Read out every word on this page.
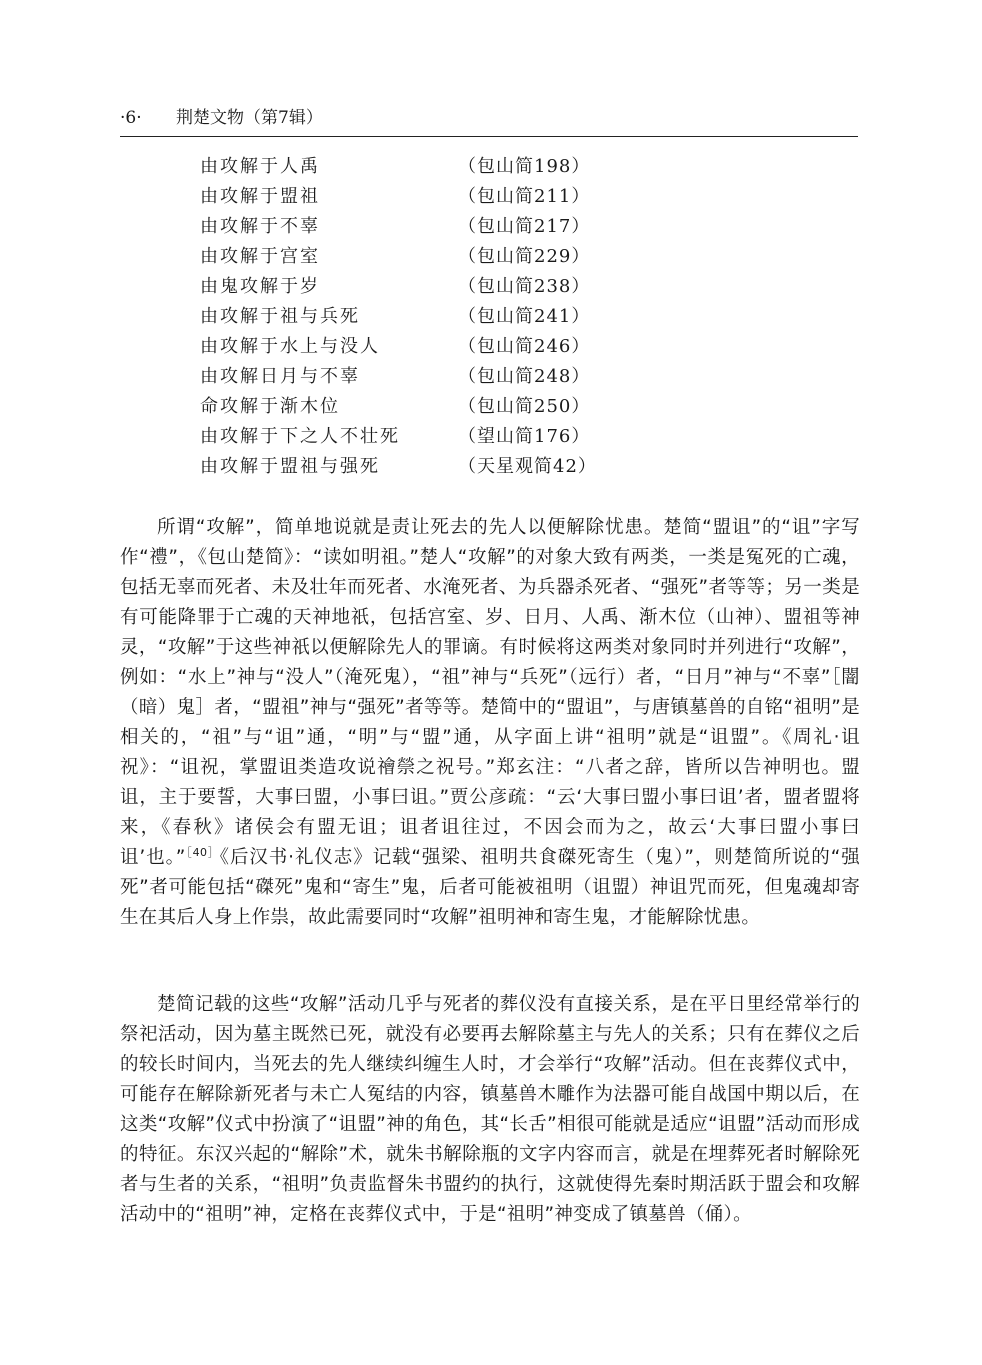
·6· 荆楚文物（第7辑）
由攻解于人禹	（包山简198）
由攻解于盟祖	（包山简211）
由攻解于不辜	（包山简217）
由攻解于宫室	（包山简229）
由鬼攻解于岁	（包山简238）
由攻解于祖与兵死	（包山简241）
由攻解于水上与没人	（包山简246）
由攻解日月与不辜	（包山简248）
命攻解于渐木位	（包山简250）
由攻解于下之人不壮死	（望山简176）
由攻解于盟祖与强死	（天星观简42）

所谓“攻解”，简单地说就是责让死去的先人以便解除忧患。楚简“盟诅”的“诅”字写作“禮”，《包山楚简》：“读如明祖。”楚人“攻解”的对象大致有两类，一类是冤死的亡魂，包括无辜而死者、未及壮年而死者、水淹死者、为兵器杀死者、“强死”者等等；另一类是有可能降罪于亡魂的天神地祇，包括宫室、岁、日月、人禹、渐木位（山神）、盟祖等神灵，“攻解”于这些神祇以便解除先人的罪谪。有时候将这两类对象同时并列进行“攻解”，例如：“水上”神与“没人”（淹死鬼），“祖”神与“兵死”（远行）者，“日月”神与“不辜”［闇（暗）鬼］者，“盟祖”神与“强死”者等等。楚简中的“盟诅”，与唐镇墓兽的自铭“祖明”是相关的，“祖”与“诅”通，“明”与“盟”通，从字面上讲“祖明”就是“诅盟”。《周礼·诅祝》：“诅祝，掌盟诅类造攻说禬禜之祝号。”郑玄注：“八者之辞，皆所以告神明也。盟诅，主于要誓，大事曰盟，小事曰诅。”贾公彦疏：“云‘大事曰盟小事曰诅’者，盟者盟将来，《春秋》诸侯会有盟无诅；诅者诅往过，不因会而为之，故云‘大事曰盟小事曰诅’也。”$^{[40]}$《后汉书·礼仪志》记载“强梁、祖明共食磔死寄生（鬼）”，则楚简所说的“强死”者可能包括“磔死”鬼和“寄生”鬼，后者可能被祖明（诅盟）神诅咒而死，但鬼魂却寄生在其后人身上作祟，故此需要同时“攻解”祖明神和寄生鬼，才能解除忧患。

楚简记载的这些“攻解”活动几乎与死者的葬仪没有直接关系，是在平日里经常举行的祭祀活动，因为墓主既然已死，就没有必要再去解除墓主与先人的关系；只有在葬仪之后的较长时间内，当死去的先人继续纠缠生人时，才会举行“攻解”活动。但在丧葬仪式中，可能存在解除新死者与未亡人冤结的内容，镇墓兽木雕作为法器可能自战国中期以后，在这类“攻解”仪式中扮演了“诅盟”神的角色，其“长舌”相很可能就是适应“诅盟”活动而形成的特征。东汉兴起的“解除”术，就朱书解除瓶的文字内容而言，就是在埋葬死者时解除死者与生者的关系，“祖明”负责监督朱书盟约的执行，这就使得先秦时期活跃于盟会和攻解活动中的“祖明”神，定格在丧葬仪式中，于是“祖明”神变成了镇墓兽（俑）。
